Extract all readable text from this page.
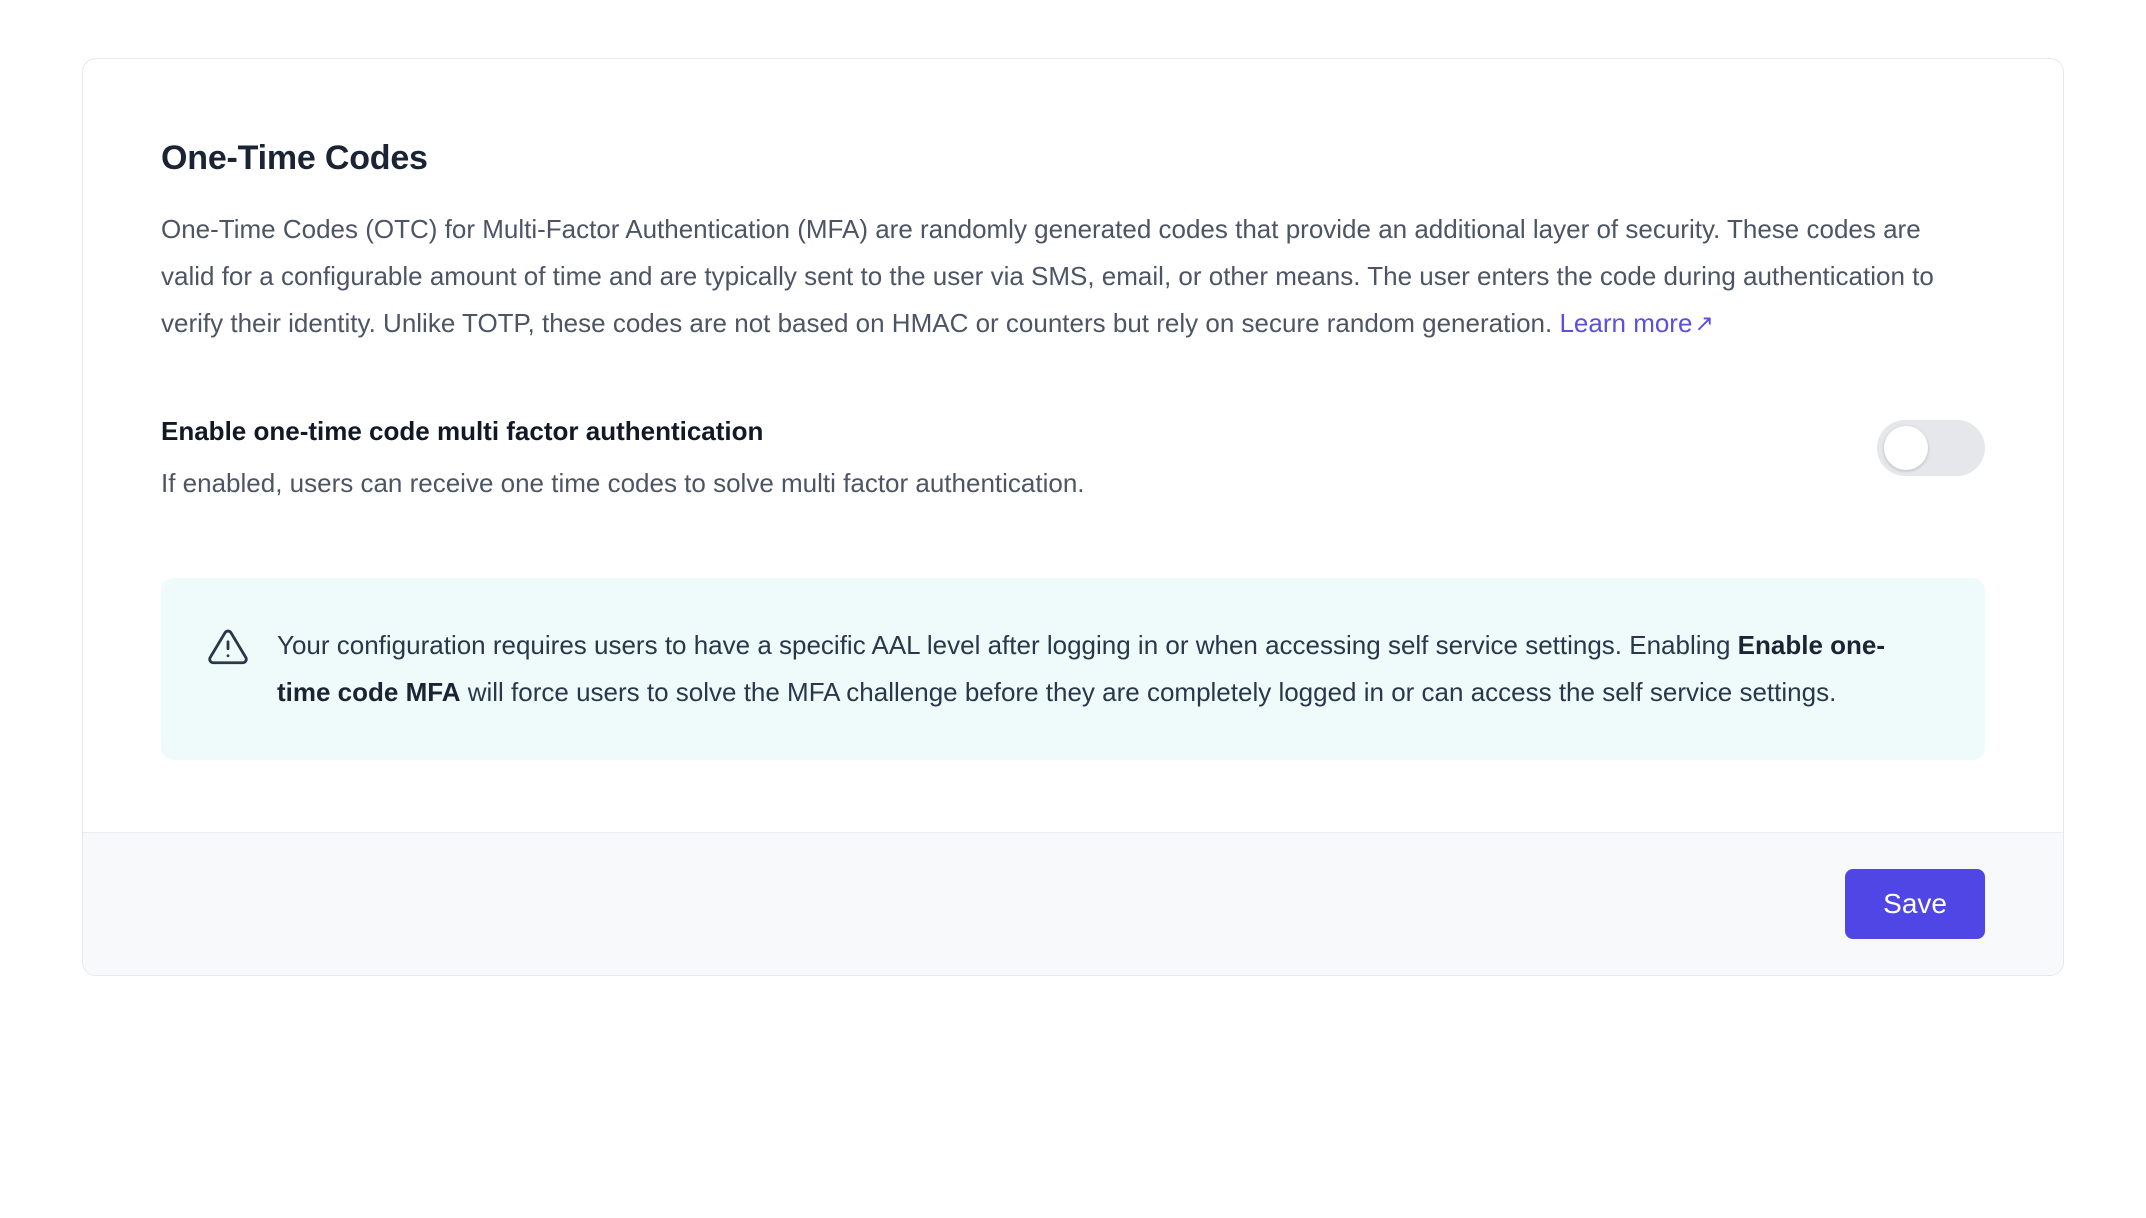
One-Time Codes

One-Time Codes (OTC) for Multi-Factor Authentication (MFA) are randomly generated codes that provide an additional layer of security. These codes are valid for a configurable amount of time and are typically sent to the user via SMS, email, or other means. The user enters the code during authentication to verify their identity. Unlike TOTP, these codes are not based on HMAC or counters but rely on secure random generation. Learn more↗

Enable one-time code multi factor authentication

If enabled, users can receive one time codes to solve multi factor authentication.

Your configuration requires users to have a specific AAL level after logging in or when accessing self service settings. Enabling Enable one-time code MFA will force users to solve the MFA challenge before they are completely logged in or can access the self service settings.
Save
